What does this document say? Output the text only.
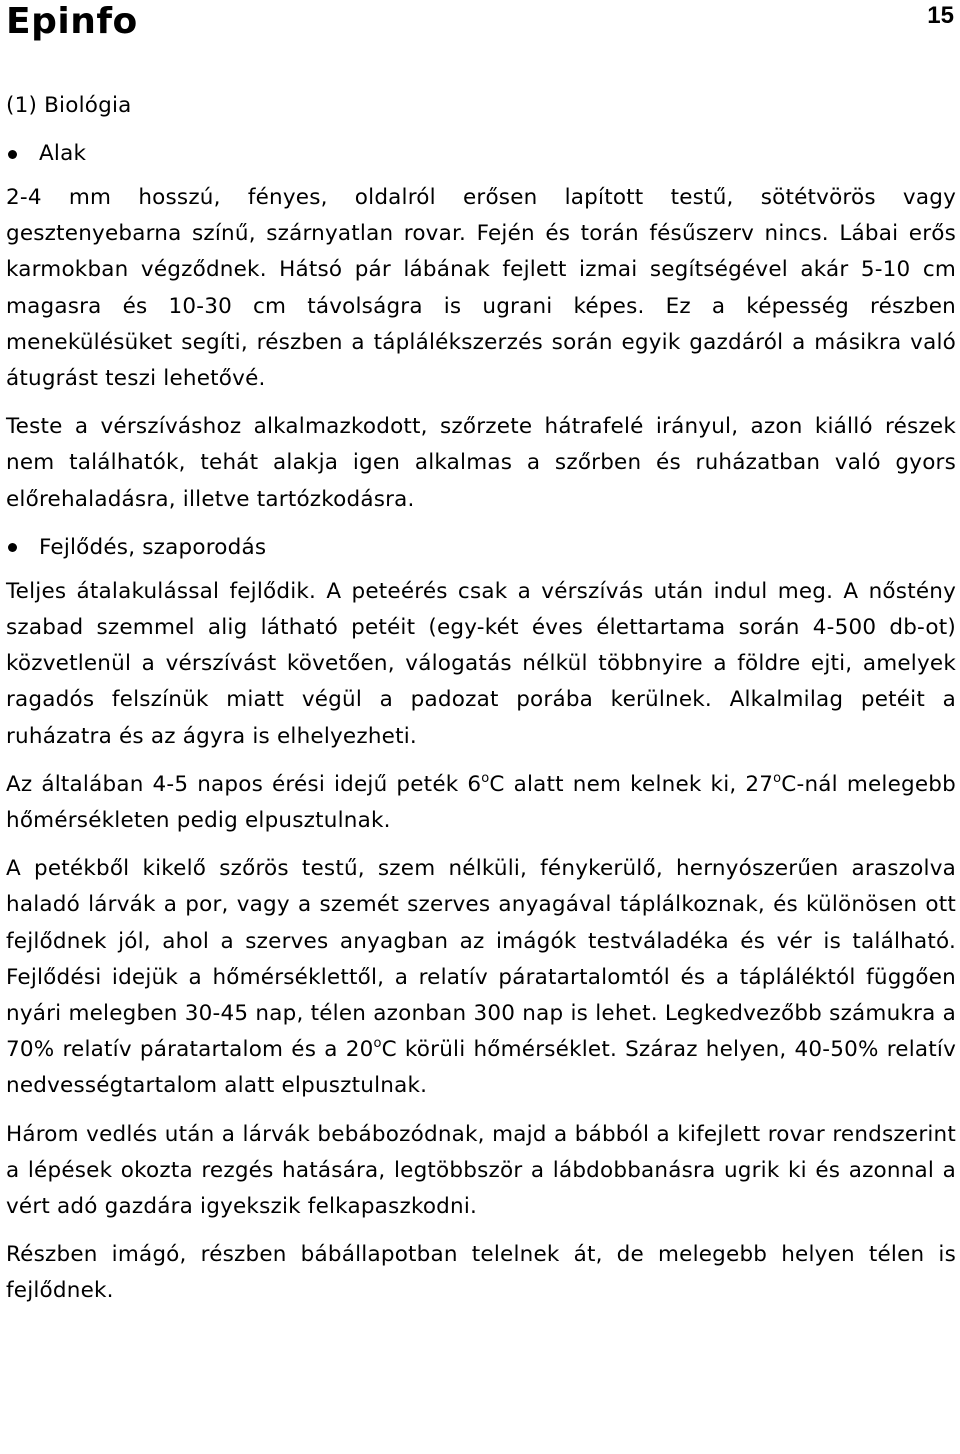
Epinfo	15
(1) Biológia
Alak

2-4 mm hosszú, fényes, oldalról erősen lapított testű, sötétvörös vagy gesztenyebarna színű, szárnyatlan rovar. Fején és torán fésűszerv nincs. Lábai erős karmokban végződnek. Hátsó pár lábának fejlett izmai segítségével akár 5-10 cm magasra és 10-30 cm távolságra is ugrani képes. Ez a képesség részben menekülésüket segíti, részben a táplálékszerzés során egyik gazdáról a másikra való átugrást teszi lehetővé.

Teste a vérszíváshoz alkalmazkodott, szőrzete hátrafelé irányul, azon kiálló részek nem találhatók, tehát alakja igen alkalmas a szőrben és ruházatban való gyors előrehaladásra, illetve tartózkodásra.

Fejlődés, szaporodás

Teljes átalakulással fejlődik. A peteérés csak a vérszívás után indul meg. A nőstény szabad szemmel alig látható petéit (egy-két éves élettartama során 4-500 db-ot) közvetlenül a vérszívást követően, válogatás nélkül többnyire a földre ejti, amelyek ragadós felszínük miatt végül a padozat porába kerülnek. Alkalmilag petéit a ruházatra és az ágyra is elhelyezheti.

Az általában 4-5 napos érési idejű peték 6$^o$C alatt nem kelnek ki, 27$^o$C-nál melegebb hőmérsékleten pedig elpusztulnak.

A petékből kikelő szőrös testű, szem nélküli, fénykerülő, hernyószerűen araszolva haladó lárvák a por, vagy a szemét szerves anyagával táplálkoznak, és különösen ott fejlődnek jól, ahol a szerves anyagban az imágók testváladéka és vér is található. Fejlődési idejük a hőmérséklettől, a relatív páratartalomtól és a tápláléktól függően nyári melegben 30-45 nap, télen azonban 300 nap is lehet. Legkedvezőbb számukra a 70% relatív páratartalom és a 20$^o$C körüli hőmérséklet. Száraz helyen, 40-50% relatív nedvességtartalom alatt elpusztulnak.

Három vedlés után a lárvák bebábozódnak, majd a bábból a kifejlett rovar rendszerint a lépések okozta rezgés hatására, legtöbbször a lábdobbanásra ugrik ki és azonnal a vért adó gazdára igyekszik felkapaszkodni.

Részben imágó, részben bábállapotban telelnek át, de melegebb helyen télen is fejlődnek.
